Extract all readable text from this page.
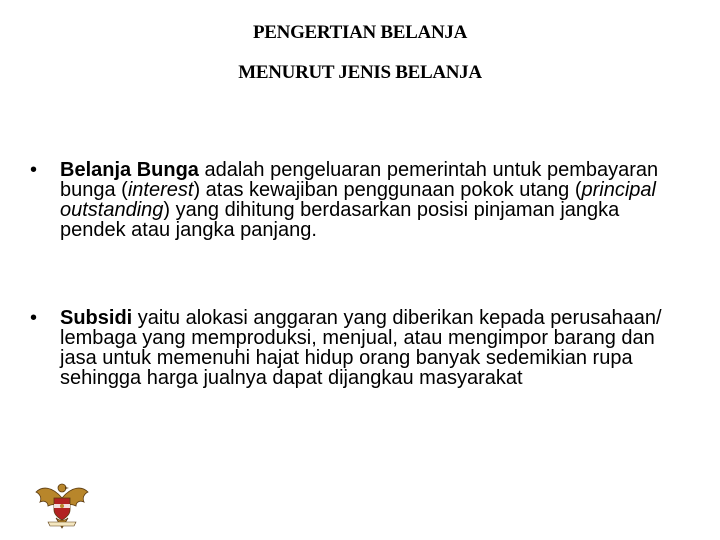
PENGERTIAN BELANJA
MENURUT JENIS BELANJA
• Belanja Bunga adalah pengeluaran pemerintah untuk pembayaran bunga (interest) atas kewajiban penggunaan pokok utang (principal outstanding) yang dihitung berdasarkan posisi pinjaman jangka pendek atau jangka panjang.
• Subsidi yaitu alokasi anggaran yang diberikan kepada perusahaan/ lembaga yang memproduksi, menjual, atau mengimpor barang dan jasa untuk memenuhi hajat hidup orang banyak sedemikian rupa sehingga harga jualnya dapat dijangkau masyarakat
